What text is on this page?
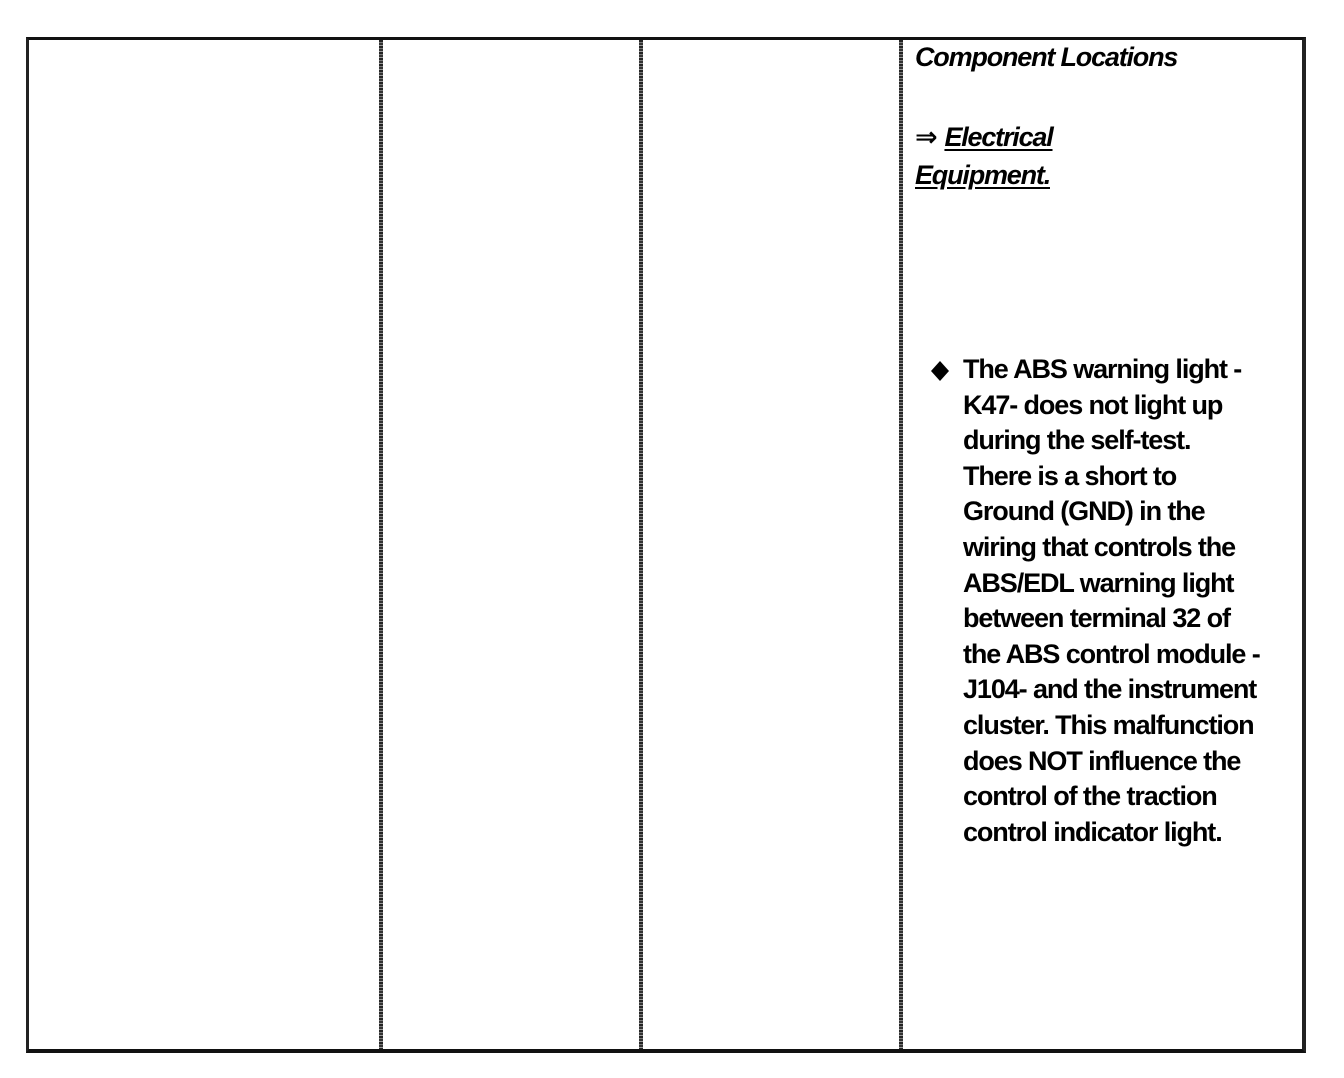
Component Locations
⇒ Electrical Equipment.
The ABS warning light -
K47- does not light up
during the self-test.
There is a short to
Ground (GND) in the
wiring that controls the
ABS/EDL warning light
between terminal 32 of
the ABS control module -
J104- and the instrument
cluster. This malfunction
does NOT influence the
control of the traction
control indicator light.
